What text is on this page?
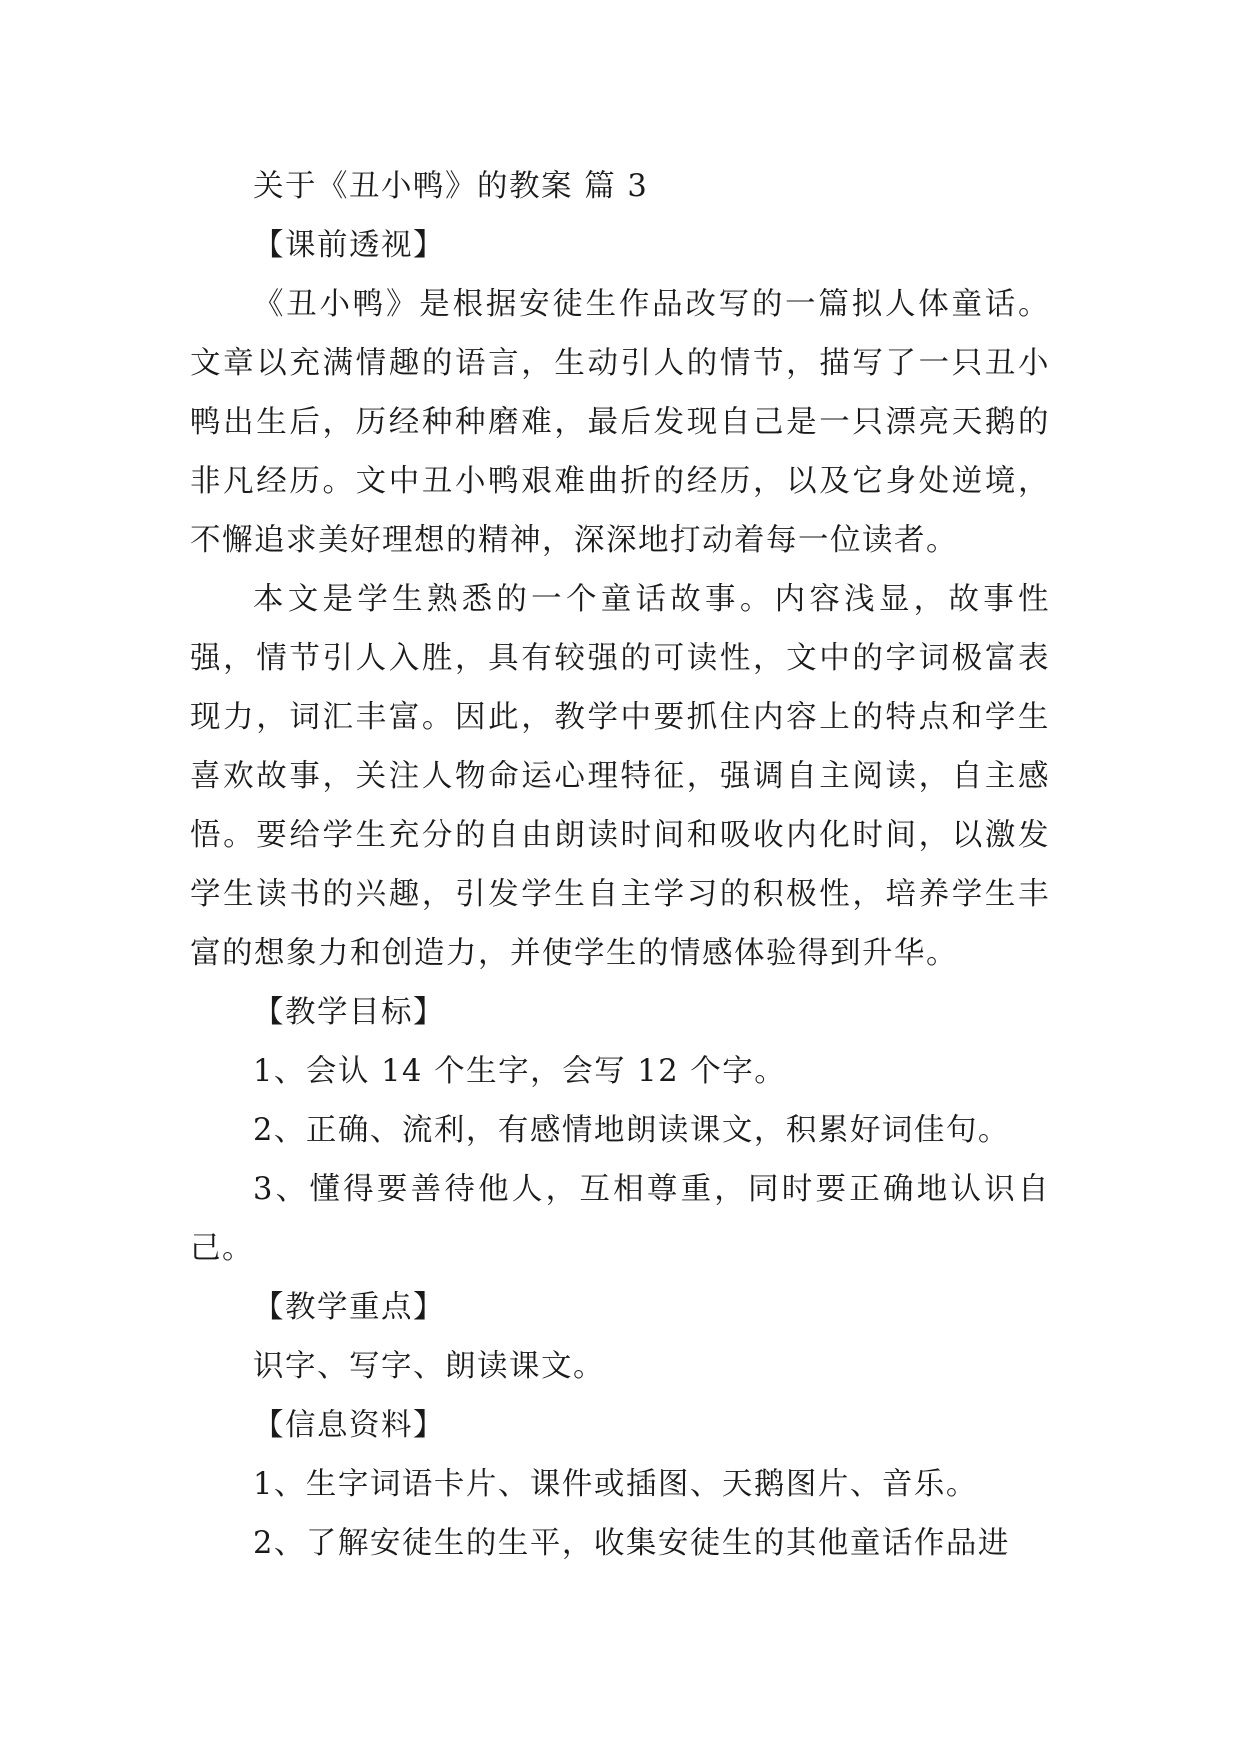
关于《丑小鸭》的教案 篇 3

【课前透视】

《丑小鸭》是根据安徒生作品改写的一篇拟人体童话。文章以充满情趣的语言，生动引人的情节，描写了一只丑小鸭出生后，历经种种磨难，最后发现自己是一只漂亮天鹅的非凡经历。文中丑小鸭艰难曲折的经历，以及它身处逆境，不懈追求美好理想的精神，深深地打动着每一位读者。

本文是学生熟悉的一个童话故事。内容浅显，故事性强，情节引人入胜，具有较强的可读性，文中的字词极富表现力，词汇丰富。因此，教学中要抓住内容上的特点和学生喜欢故事，关注人物命运心理特征，强调自主阅读，自主感悟。要给学生充分的自由朗读时间和吸收内化时间，以激发学生读书的兴趣，引发学生自主学习的积极性，培养学生丰富的想象力和创造力，并使学生的情感体验得到升华。

【教学目标】

1、会认 14 个生字，会写 12 个字。

2、正确、流利，有感情地朗读课文，积累好词佳句。

3、懂得要善待他人，互相尊重，同时要正确地认识自己。

【教学重点】

识字、写字、朗读课文。

【信息资料】

1、生字词语卡片、课件或插图、天鹅图片、音乐。

2、了解安徒生的生平，收集安徒生的其他童话作品进
